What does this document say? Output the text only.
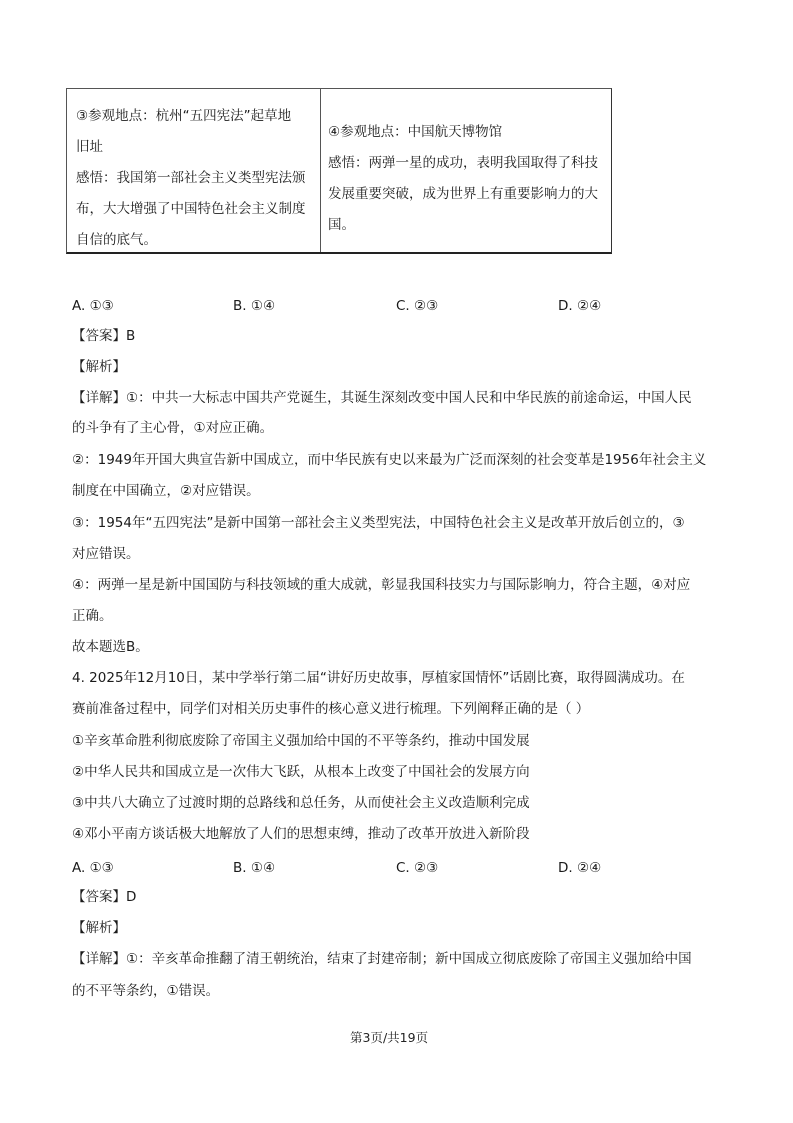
③参观地点：杭州“五四宪法”起草地
旧址
感悟：我国第一部社会主义类型宪法颁
布，大大增强了中国特色社会主义制度
自信的底气。
④参观地点：中国航天博物馆
感悟：两弹一星的成功，表明我国取得了科技
发展重要突破，成为世界上有重要影响力的大
国。
A. ①③	B. ①④	C. ②③	D. ②④
【答案】B
【解析】
【详解】①：中共一大标志中国共产党诞生，其诞生深刻改变中国人民和中华民族的前途命运，中国人民
的斗争有了主心骨，①对应正确。
②：1949年开国大典宣告新中国成立，而中华民族有史以来最为广泛而深刻的社会变革是1956年社会主义
制度在中国确立，②对应错误。
③：1954年“五四宪法”是新中国第一部社会主义类型宪法，中国特色社会主义是改革开放后创立的，③
对应错误。
④：两弹一星是新中国国防与科技领域的重大成就，彰显我国科技实力与国际影响力，符合主题，④对应
正确。
故本题选B。
4. 2025年12月10日，某中学举行第二届“讲好历史故事，厚植家国情怀”话剧比赛，取得圆满成功。在
赛前准备过程中，同学们对相关历史事件的核心意义进行梳理。下列阐释正确的是（ ）
①辛亥革命胜利彻底废除了帝国主义强加给中国的不平等条约，推动中国发展
②中华人民共和国成立是一次伟大飞跃，从根本上改变了中国社会的发展方向
③中共八大确立了过渡时期的总路线和总任务，从而使社会主义改造顺利完成
④邓小平南方谈话极大地解放了人们的思想束缚，推动了改革开放进入新阶段
A. ①③	B. ①④	C. ②③	D. ②④
【答案】D
【解析】
【详解】①：辛亥革命推翻了清王朝统治，结束了封建帝制；新中国成立彻底废除了帝国主义强加给中国
的不平等条约，①错误。
第3页/共19页
